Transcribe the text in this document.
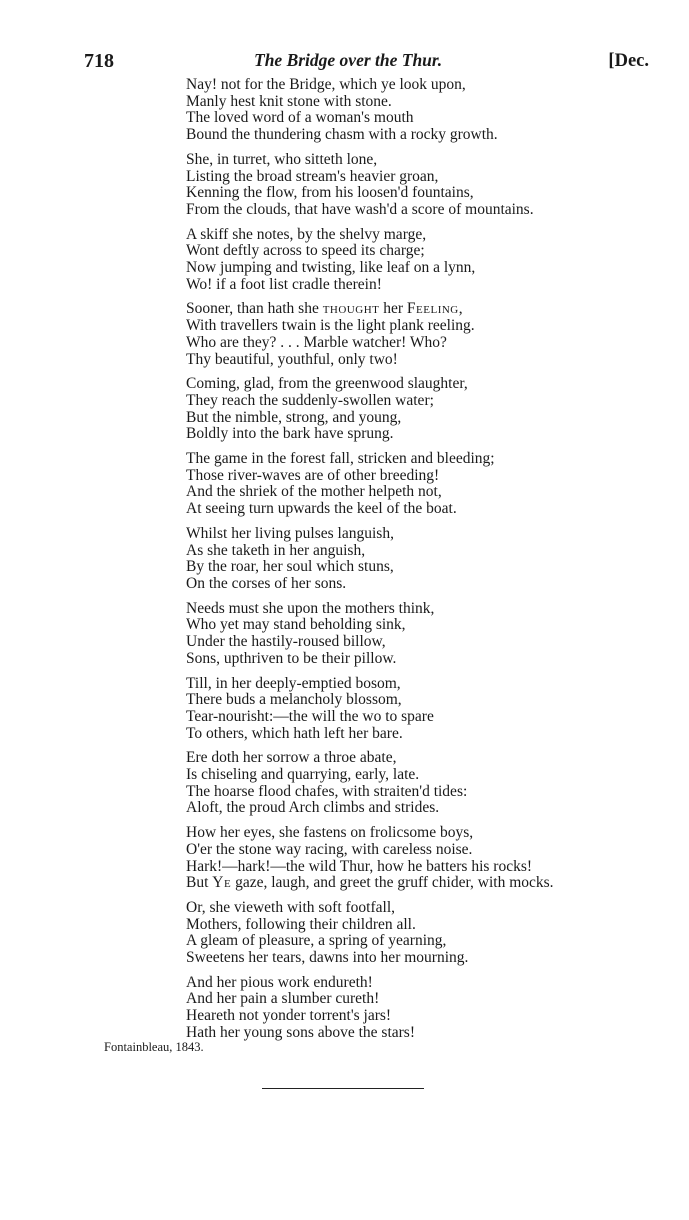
718	The Bridge over the Thur.	[Dec.
Nay! not for the Bridge, which ye look upon,
Manly hest knit stone with stone.
The loved word of a woman's mouth
Bound the thundering chasm with a rocky growth.
She, in turret, who sitteth lone,
Listing the broad stream's heavier groan,
Kenning the flow, from his loosen'd fountains,
From the clouds, that have wash'd a score of mountains.
A skiff she notes, by the shelvy marge,
Wont deftly across to speed its charge;
Now jumping and twisting, like leaf on a lynn,
Wo! if a foot list cradle therein!
Sooner, than hath she thought her Feeling,
With travellers twain is the light plank reeling.
Who are they? . . . Marble watcher! Who?
Thy beautiful, youthful, only two!
Coming, glad, from the greenwood slaughter,
They reach the suddenly-swollen water;
But the nimble, strong, and young,
Boldly into the bark have sprung.
The game in the forest fall, stricken and bleeding;
Those river-waves are of other breeding!
And the shriek of the mother helpeth not,
At seeing turn upwards the keel of the boat.
Whilst her living pulses languish,
As she taketh in her anguish,
By the roar, her soul which stuns,
On the corses of her sons.
Needs must she upon the mothers think,
Who yet may stand beholding sink,
Under the hastily-roused billow,
Sons, upthriven to be their pillow.
Till, in her deeply-emptied bosom,
There buds a melancholy blossom,
Tear-nourisht:—the will the wo to spare
To others, which hath left her bare.
Ere doth her sorrow a throe abate,
Is chiseling and quarrying, early, late.
The hoarse flood chafes, with straiten'd tides:
Aloft, the proud Arch climbs and strides.
How her eyes, she fastens on frolicsome boys,
O'er the stone way racing, with careless noise.
Hark!—hark!—the wild Thur, how he batters his rocks!
But Ye gaze, laugh, and greet the gruff chider, with mocks.
Or, she vieweth with soft footfall,
Mothers, following their children all.
A gleam of pleasure, a spring of yearning,
Sweetens her tears, dawns into her mourning.
And her pious work endureth!
And her pain a slumber cureth!
Heareth not yonder torrent's jars!
Hath her young sons above the stars!
Fontainbleau, 1843.
